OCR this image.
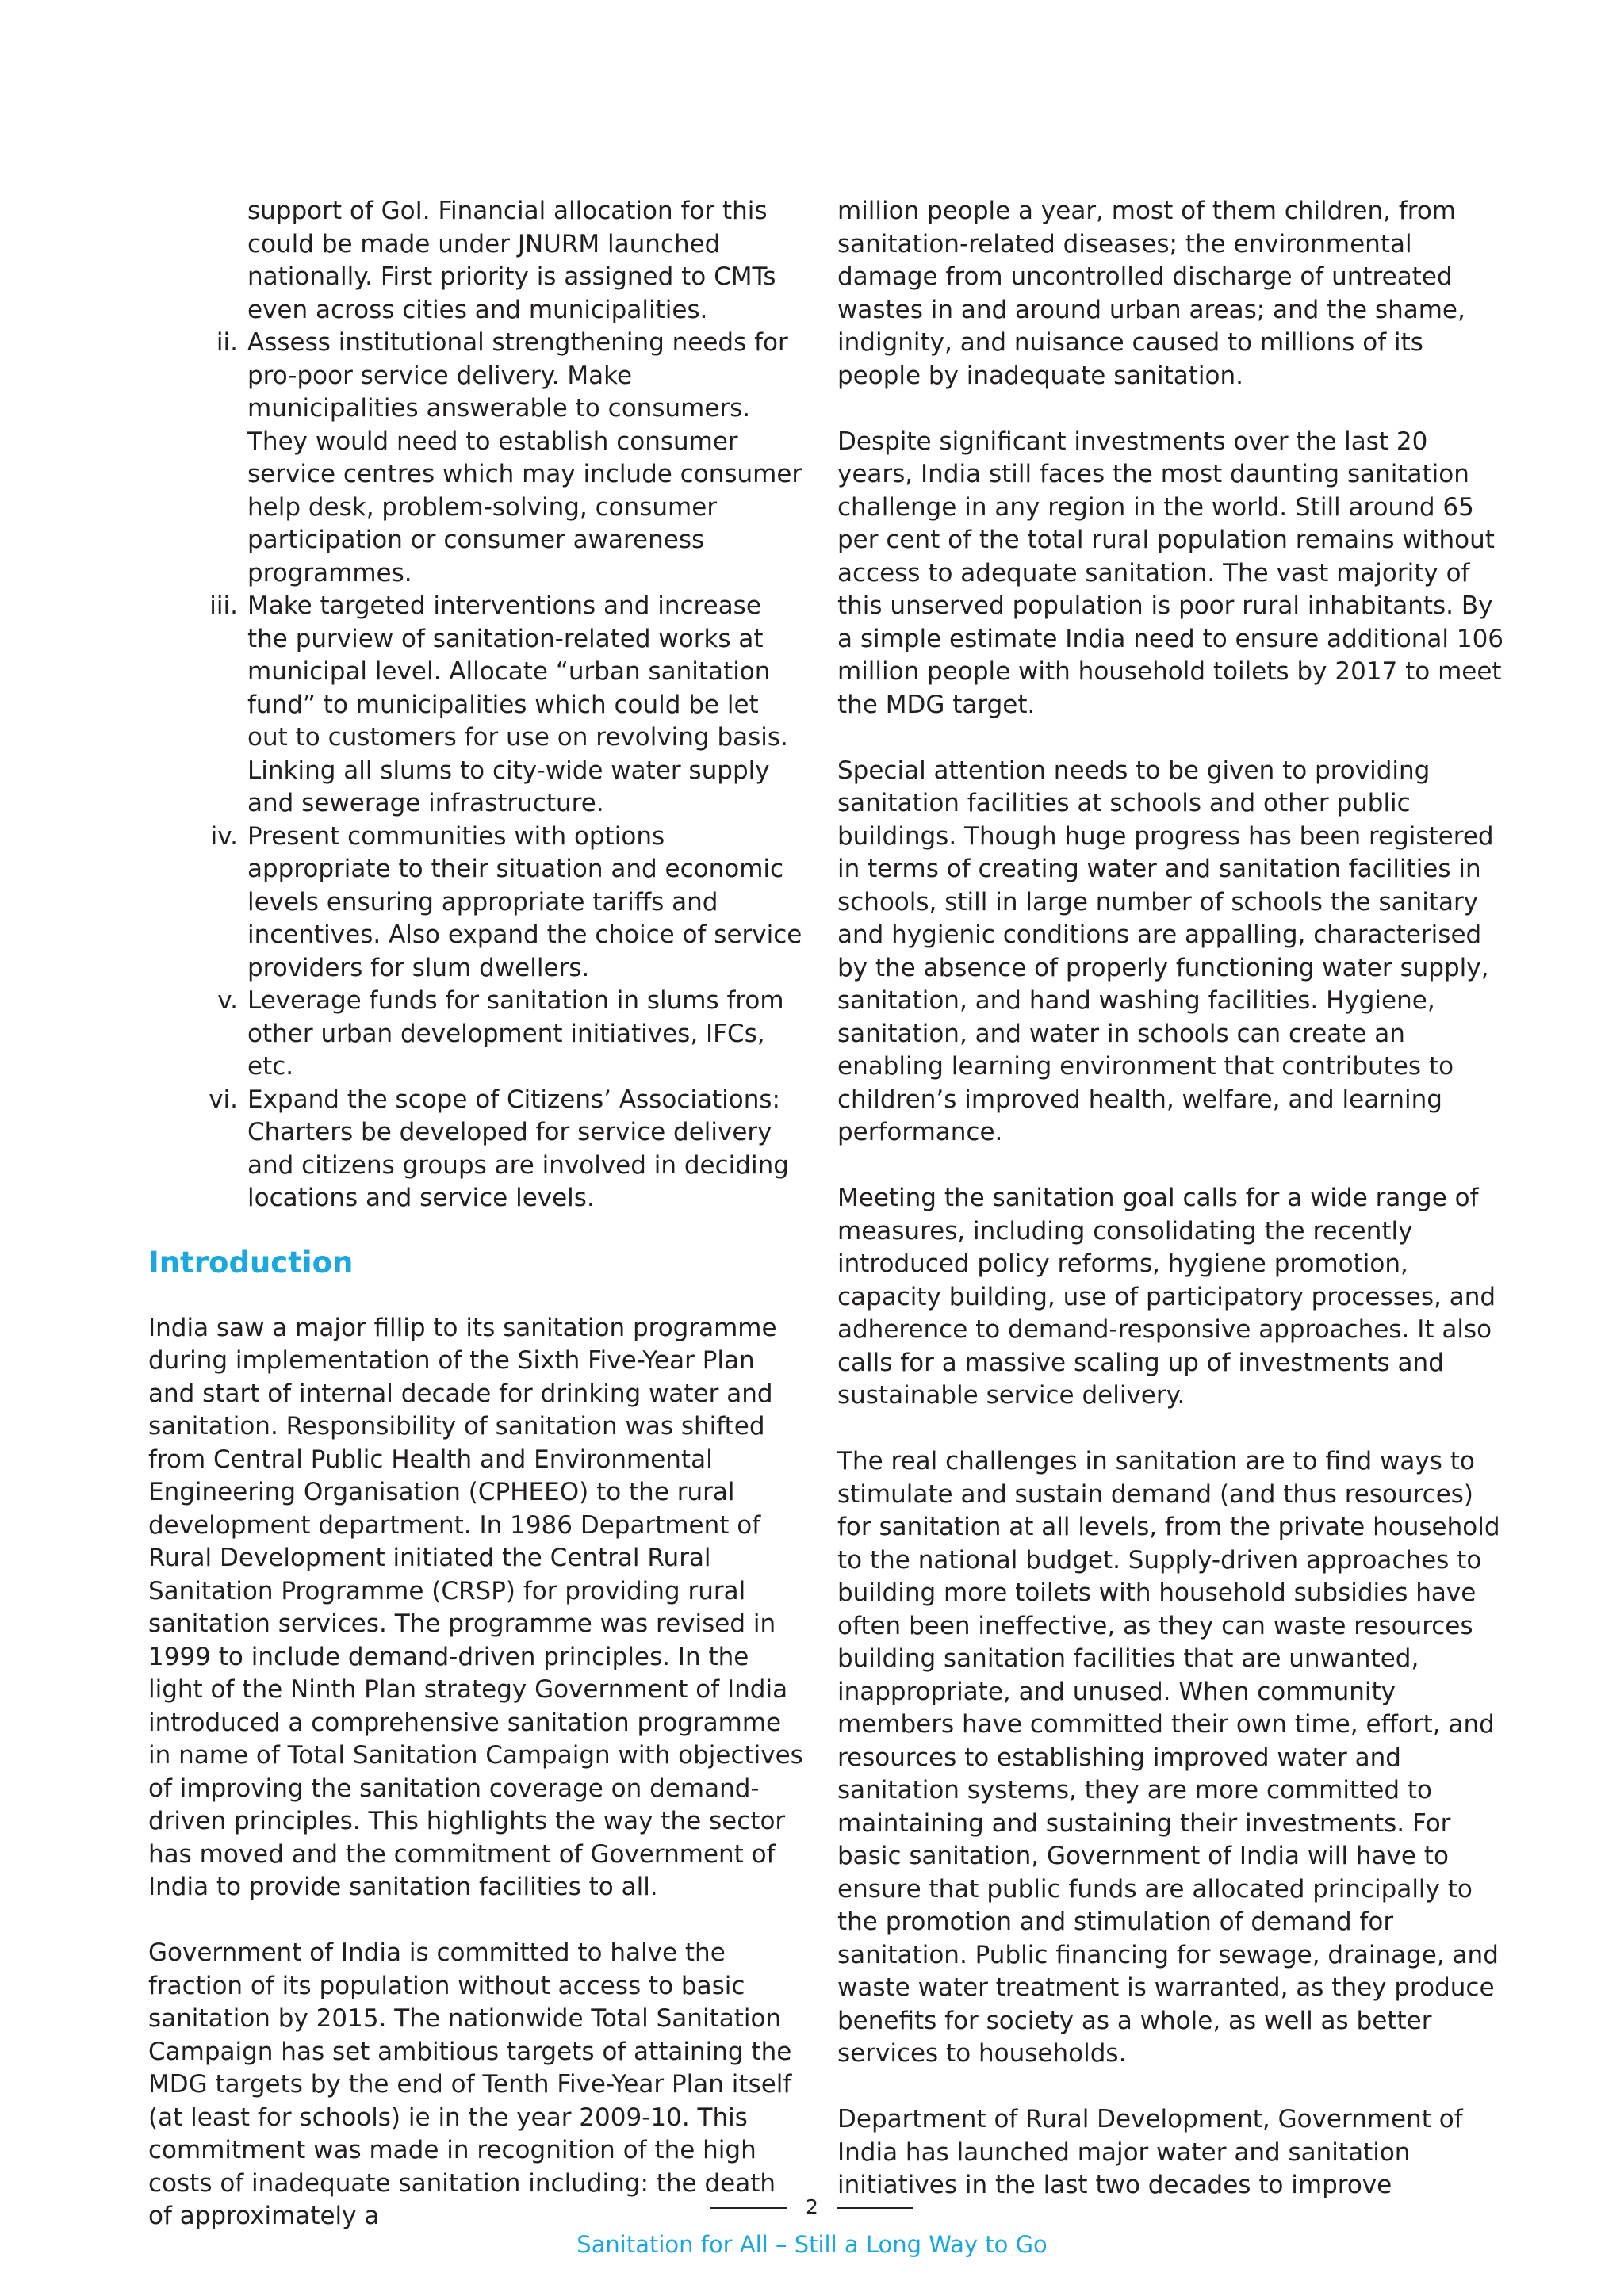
support of GoI. Financial allocation for this could be made under JNURM launched nationally. First priority is assigned to CMTs even across cities and municipalities.
ii. Assess institutional strengthening needs for pro-poor service delivery. Make municipalities answerable to consumers. They would need to establish consumer service centres which may include consumer help desk, problem-solving, consumer participation or consumer awareness programmes.
iii. Make targeted interventions and increase the purview of sanitation-related works at municipal level. Allocate “urban sanitation fund” to municipalities which could be let out to customers for use on revolving basis. Linking all slums to city-wide water supply and sewerage infrastructure.
iv. Present communities with options appropriate to their situation and economic levels ensuring appropriate tariffs and incentives. Also expand the choice of service providers for slum dwellers.
v. Leverage funds for sanitation in slums from other urban development initiatives, IFCs, etc.
vi. Expand the scope of Citizens’ Associations: Charters be developed for service delivery and citizens groups are involved in deciding locations and service levels.
Introduction

India saw a major fillip to its sanitation programme during implementation of the Sixth Five-Year Plan and start of internal decade for drinking water and sanitation. Responsibility of sanitation was shifted from Central Public Health and Environmental Engineering Organisation (CPHEEO) to the rural development department. In 1986 Department of Rural Development initiated the Central Rural Sanitation Programme (CRSP) for providing rural sanitation services. The programme was revised in 1999 to include demand-driven principles. In the light of the Ninth Plan strategy Government of India introduced a comprehensive sanitation programme in name of Total Sanitation Campaign with objectives of improving the sanitation coverage on demand-driven principles. This highlights the way the sector has moved and the commitment of Government of India to provide sanitation facilities to all.

Government of India is committed to halve the fraction of its population without access to basic sanitation by 2015. The nationwide Total Sanitation Campaign has set ambitious targets of attaining the MDG targets by the end of Tenth Five-Year Plan itself (at least for schools) ie in the year 2009-10. This commitment was made in recognition of the high costs of inadequate sanitation including: the death of approximately a

million people a year, most of them children, from sanitation-related diseases; the environmental damage from uncontrolled discharge of untreated wastes in and around urban areas; and the shame, indignity, and nuisance caused to millions of its people by inadequate sanitation.

Despite significant investments over the last 20 years, India still faces the most daunting sanitation challenge in any region in the world. Still around 65 per cent of the total rural population remains without access to adequate sanitation. The vast majority of this unserved population is poor rural inhabitants. By a simple estimate India need to ensure additional 106 million people with household toilets by 2017 to meet the MDG target.

Special attention needs to be given to providing sanitation facilities at schools and other public buildings. Though huge progress has been registered in terms of creating water and sanitation facilities in schools, still in large number of schools the sanitary and hygienic conditions are appalling, characterised by the absence of properly functioning water supply, sanitation, and hand washing facilities. Hygiene, sanitation, and water in schools can create an enabling learning environment that contributes to children’s improved health, welfare, and learning performance.

Meeting the sanitation goal calls for a wide range of measures, including consolidating the recently introduced policy reforms, hygiene promotion, capacity building, use of participatory processes, and adherence to demand-responsive approaches. It also calls for a massive scaling up of investments and sustainable service delivery.

The real challenges in sanitation are to find ways to stimulate and sustain demand (and thus resources) for sanitation at all levels, from the private household to the national budget. Supply-driven approaches to building more toilets with household subsidies have often been ineffective, as they can waste resources building sanitation facilities that are unwanted, inappropriate, and unused. When community members have committed their own time, effort, and resources to establishing improved water and sanitation systems, they are more committed to maintaining and sustaining their investments. For basic sanitation, Government of India will have to ensure that public funds are allocated principally to the promotion and stimulation of demand for sanitation. Public financing for sewage, drainage, and waste water treatment is warranted, as they produce benefits for society as a whole, as well as better services to households.

Department of Rural Development, Government of India has launched major water and sanitation initiatives in the last two decades to improve

2
Sanitation for All – Still a Long Way to Go
